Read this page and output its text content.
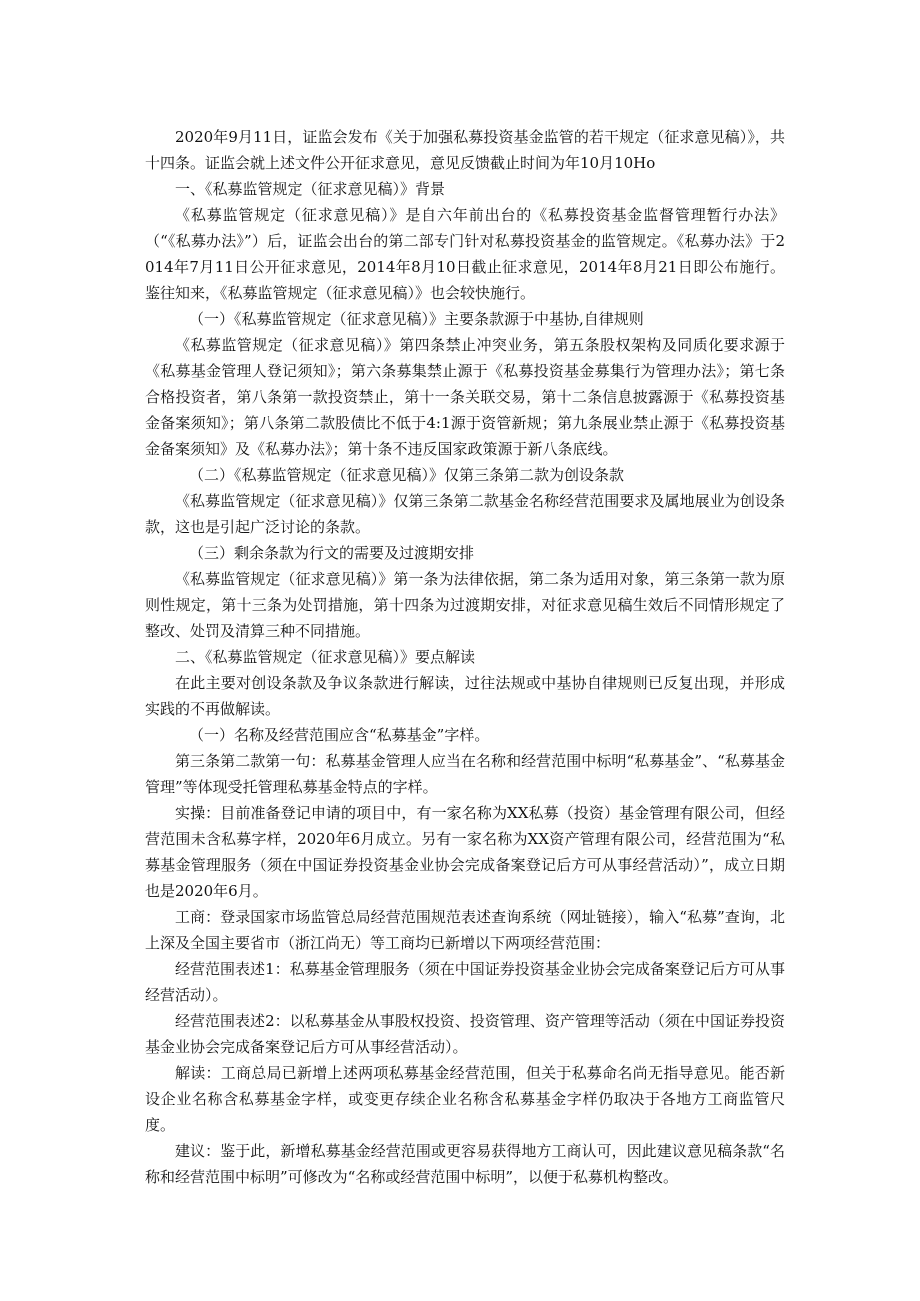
2020年9月11日，证监会发布《关于加强私募投资基金监管的若干规定（征求意见稿）》，共十四条。证监会就上述文件公开征求意见，意见反馈截止时间为年10月10Ho

一、《私募监管规定（征求意见稿）》背景

《私募监管规定（征求意见稿）》是自六年前出台的《私募投资基金监督管理暂行办法》（“《私募办法》”）后，证监会出台的第二部专门针对私募投资基金的监管规定。《私募办法》于2014年7月11日公开征求意见，2014年8月10日截止征求意见，2014年8月21日即公布施行。鉴往知来，《私募监管规定（征求意见稿）》也会较快施行。

（一）《私募监管规定（征求意见稿）》主要条款源于中基协,自律规则

《私募监管规定（征求意见稿）》第四条禁止冲突业务，第五条股权架构及同质化要求源于《私募基金管理人登记须知》；第六条募集禁止源于《私募投资基金募集行为管理办法》；第七条合格投资者，第八条第一款投资禁止，第十一条关联交易，第十二条信息披露源于《私募投资基金备案须知》；第八条第二款股债比不低于4:1源于资管新规；第九条展业禁止源于《私募投资基金备案须知》及《私募办法》；第十条不违反国家政策源于新八条底线。

（二）《私募监管规定（征求意见稿）》仅第三条第二款为创设条款

《私募监管规定（征求意见稿）》仅第三条第二款基金名称经营范围要求及属地展业为创设条款，这也是引起广泛讨论的条款。

（三）剩余条款为行文的需要及过渡期安排

《私募监管规定（征求意见稿）》第一条为法律依据，第二条为适用对象，第三条第一款为原则性规定，第十三条为处罚措施，第十四条为过渡期安排，对征求意见稿生效后不同情形规定了整改、处罚及清算三种不同措施。

二、《私募监管规定（征求意见稿）》要点解读

在此主要对创设条款及争议条款进行解读，过往法规或中基协自律规则已反复出现，并形成实践的不再做解读。

（一）名称及经营范围应含“私募基金”字样。

第三条第二款第一句：私募基金管理人应当在名称和经营范围中标明“私募基金”、“私募基金管理”等体现受托管理私募基金特点的字样。

实操：目前准备登记申请的项目中，有一家名称为XX私募（投资）基金管理有限公司，但经营范围未含私募字样，2020年6月成立。另有一家名称为XX资产管理有限公司，经营范围为“私募基金管理服务（须在中国证券投资基金业协会完成备案登记后方可从事经营活动）”，成立日期也是2020年6月。

工商：登录国家市场监管总局经营范围规范表述查询系统（网址链接），输入“私募”查询，北上深及全国主要省市（浙江尚无）等工商均已新增以下两项经营范围：

经营范围表述1：私募基金管理服务（须在中国证券投资基金业协会完成备案登记后方可从事经营活动）。

经营范围表述2：以私募基金从事股权投资、投资管理、资产管理等活动（须在中国证券投资基金业协会完成备案登记后方可从事经营活动）。

解读：工商总局已新增上述两项私募基金经营范围，但关于私募命名尚无指导意见。能否新设企业名称含私募基金字样，或变更存续企业名称含私募基金字样仍取决于各地方工商监管尺度。

建议：鉴于此，新增私募基金经营范围或更容易获得地方工商认可，因此建议意见稿条款“名称和经营范围中标明”可修改为“名称或经营范围中标明”，以便于私募机构整改。
